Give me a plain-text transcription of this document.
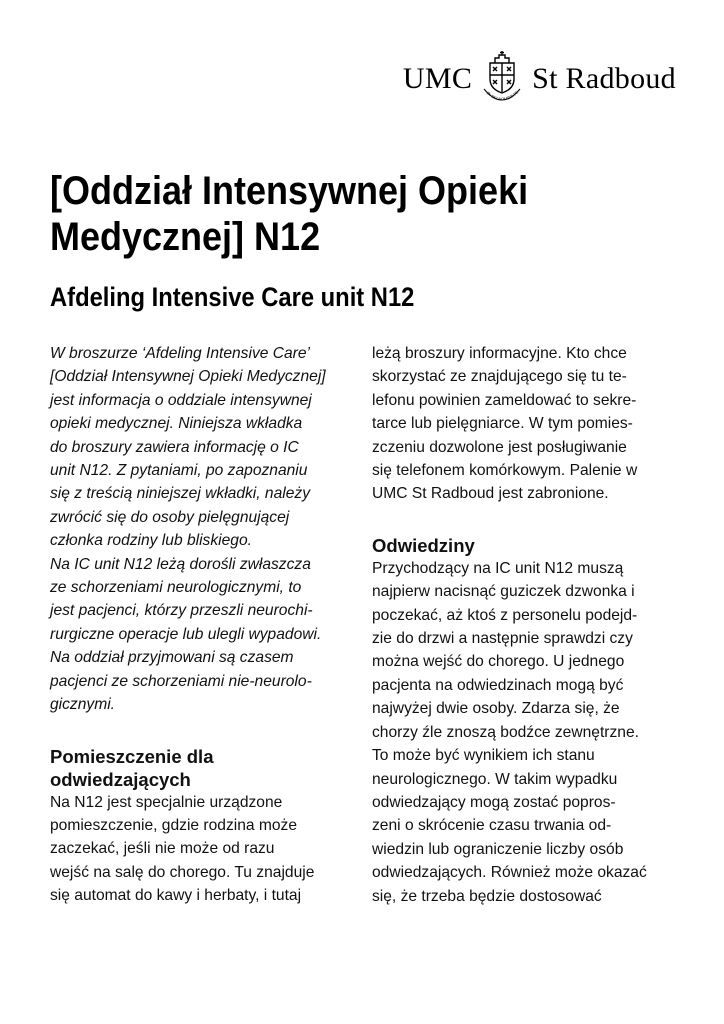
UMC	IN DEI NOMINE FE St Radboud
[Oddział Intensywnej Opieki
Medycznej] N12
Afdeling Intensive Care unit N12

W broszurze ‘Afdeling Intensive Care’
[Oddział Intensywnej Opieki Medycznej]
jest informacja o oddziale intensywnej
opieki medycznej. Niniejsza wkładka
do broszury zawiera informację o IC
unit N12. Z pytaniami, po zapoznaniu
się z treścią niniejszej wkładki, należy
zwrócić się do osoby pielęgnującej
członka rodziny lub bliskiego.
Na IC unit N12 leżą dorośli zwłaszcza
ze schorzeniami neurologicznymi, to
jest pacjenci, którzy przeszli neurochi-
rurgiczne operacje lub ulegli wypadowi.
Na oddział przyjmowani są czasem
pacjenci ze schorzeniami nie-neurolo-
gicznymi.

Pomieszczenie dla
odwiedzających

Na N12 jest specjalnie urządzone
pomieszczenie, gdzie rodzina może
zaczekać, jeśli nie może od razu
wejść na salę do chorego. Tu znajduje
się automat do kawy i herbaty, i tutaj

leżą broszury informacyjne. Kto chce
skorzystać ze znajdującego się tu te-
lefonu powinien zameldować to sekre-
tarce lub pielęgniarce. W tym pomies-
zczeniu dozwolone jest posługiwanie
się telefonem komórkowym. Palenie w
UMC St Radboud jest zabronione.

Odwiedziny

Przychodzący na IC unit N12 muszą
najpierw nacisnąć guziczek dzwonka i
poczekać, aż ktoś z personelu podejd-
zie do drzwi a następnie sprawdzi czy
można wejść do chorego. U jednego
pacjenta na odwiedzinach mogą być
najwyżej dwie osoby. Zdarza się, że
chorzy źle znoszą bodźce zewnętrzne.
To może być wynikiem ich stanu
neurologicznego. W takim wypadku
odwiedzający mogą zostać popros-
zeni o skrócenie czasu trwania od-
wiedzin lub ograniczenie liczby osób
odwiedzających. Również może okazać
się, że trzeba będzie dostosować
